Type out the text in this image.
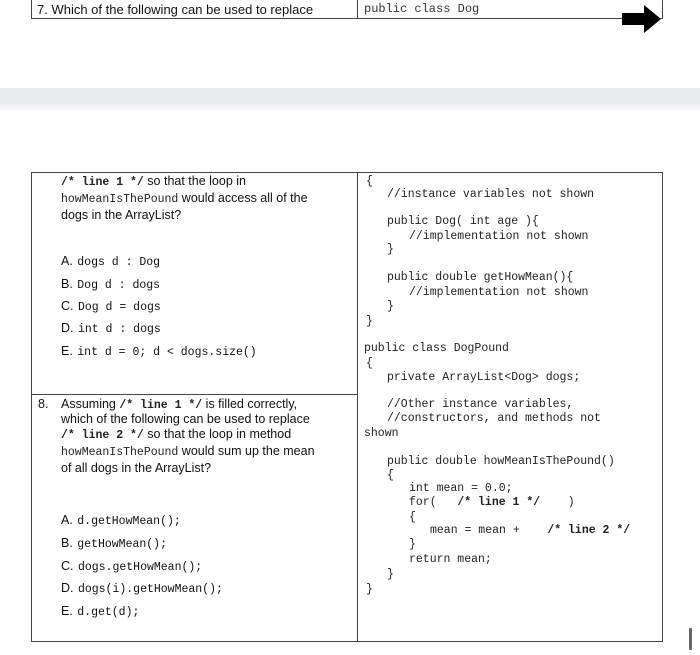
7. Which of the following can be used to replace	public class Dog
/* line 1 */ so that the loop in
howMeanIsThePound would access all of the
dogs in the ArrayList?
A. dogs d : Dog
B. Dog d : dogs
C. Dog d = dogs
D. int d : dogs
E. int d = 0; d < dogs.size()
8. Assuming /* line 1 */ is filled correctly,
which of the following can be used to replace
/* line 2 */ so that the loop in method
howMeanIsThePound would sum up the mean
of all dogs in the ArrayList?
A. d.getHowMean();
B. getHowMean();
C. dogs.getHowMean();
D. dogs(i).getHowMean();
E. d.get(d);
{
//instance variables not shown
public Dog( int age ){
//implementation not shown
}
public double getHowMean(){
//implementation not shown
}
}
public class DogPound
{
private ArrayList<Dog> dogs;
//Other instance variables,
//constructors, and methods not
shown
public double howMeanIsThePound()
{
int mean = 0.0;
for( /* line 1 */ )
{
mean = mean + /* line 2 */
}
return mean;
}
}
